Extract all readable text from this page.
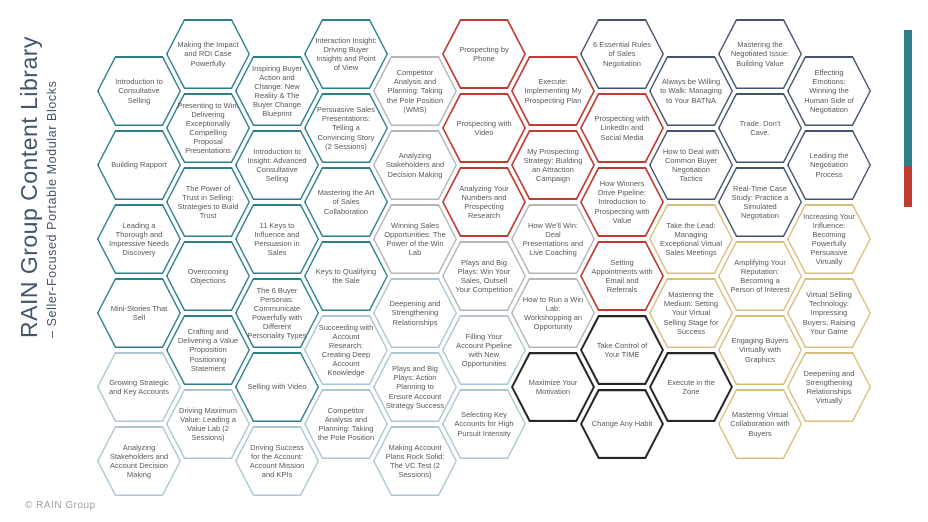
RAIN Group Content Library – Seller-Focused Portable Modular Blocks	Introduction to Consultative Selling
Building Rapport
Leading a Thorough and Impressive Needs Discovery
Mini-Stories That Sell
Growing Strategic and Key Accounts
Analyzing Stakeholders and Account Decision Making
Making the Impact and ROI Case Powerfully
Presenting to Win: Delivering Exceptionally Compelling Proposal Presentations
The Power of Trust in Selling: Strategies to Build Trust
Overcoming Objections
Crafting and Delivering a Value Proposition Positioning Statement
Driving Maximum Value: Leading a Value Lab (2 Sessions)
Inspiring Buyer Action and Change: New Reality & The Buyer Change Blueprint
Introduction to Insight: Advanced Consultative Selling
11 Keys to Influence and Persuasion in Sales
The 6 Buyer Personas: Communicate Powerfully with Different Personality Types
Selling with Video
Driving Success for the Account: Account Mission and KPIs
Interaction Insight: Driving Buyer Insights and Point of View
Persuasive Sales Presentations: Telling a Convincing Story (2 Sessions)
Mastering the Art of Sales Collaboration
Keys to Qualifying the Sale
Succeeding with Account Research: Creating Deep Account Knowledge
Competitor Analysis and Planning: Taking the Pole Position
Competitor Analysis and Planning: Taking the Pole Position (WMS)
Analyzing Stakeholders and Decision Making
Winning Sales Opportunities: The Power of the Win Lab
Deepening and Strengthening Relationships
Plays and Big Plays: Action Planning to Ensure Account Strategy Success
Making Account Plans Rock Solid: The VC Test (2 Sessions)
Prospecting by Phone
Prospecting with Video
Analyzing Your Numbers and Prospecting Research
Plays and Big Plays: Win Your Sales, Outsell Your Competition
Filling Your Account Pipeline with New Opportunities
Selecting Key Accounts for High Pursuit Intensity
Execute: Implementing My Prospecting Plan
My Prospecting Strategy: Building an Attraction Campaign
How We'll Win: Deal Presentations and Live Coaching
How to Run a Win Lab: Workshopping an Opportunity
Maximize Your Motivation
6 Essential Rules of Sales Negotiation
Prospecting with LinkedIn and Social Media
How Winners Drive Pipeline: Introduction to Prospecting with Value
Setting Appointments with Email and Referrals
Take Control of Your TIME
Change Any Habit
Always be Willing to Walk: Managing to Your BATNA
How to Deal with Common Buyer Negotiation Tactics
Take the Lead: Managing Exceptional Virtual Sales Meetings
Mastering the Medium: Setting Your Virtual Selling Stage for Success
Execute in the Zone
Mastering the Negotiated Issue: Building Value
Trade. Don't Cave.
Real-Time Case Study: Practice a Simulated Negotiation
Amplifying Your Reputation: Becoming a Person of Interest
Engaging Buyers Virtually with Graphics
Mastering Virtual Collaboration with Buyers
Effecting Emotions: Winning the Human Side of Negotiation
Leading the Negotiation Process
Increasing Your Influence: Becoming Powerfully Persuasive Virtually
Virtual Selling Technology: Impressing Buyers, Raising Your Game
Deepening and Strengthening Relationships Virtually
© RAIN Group
